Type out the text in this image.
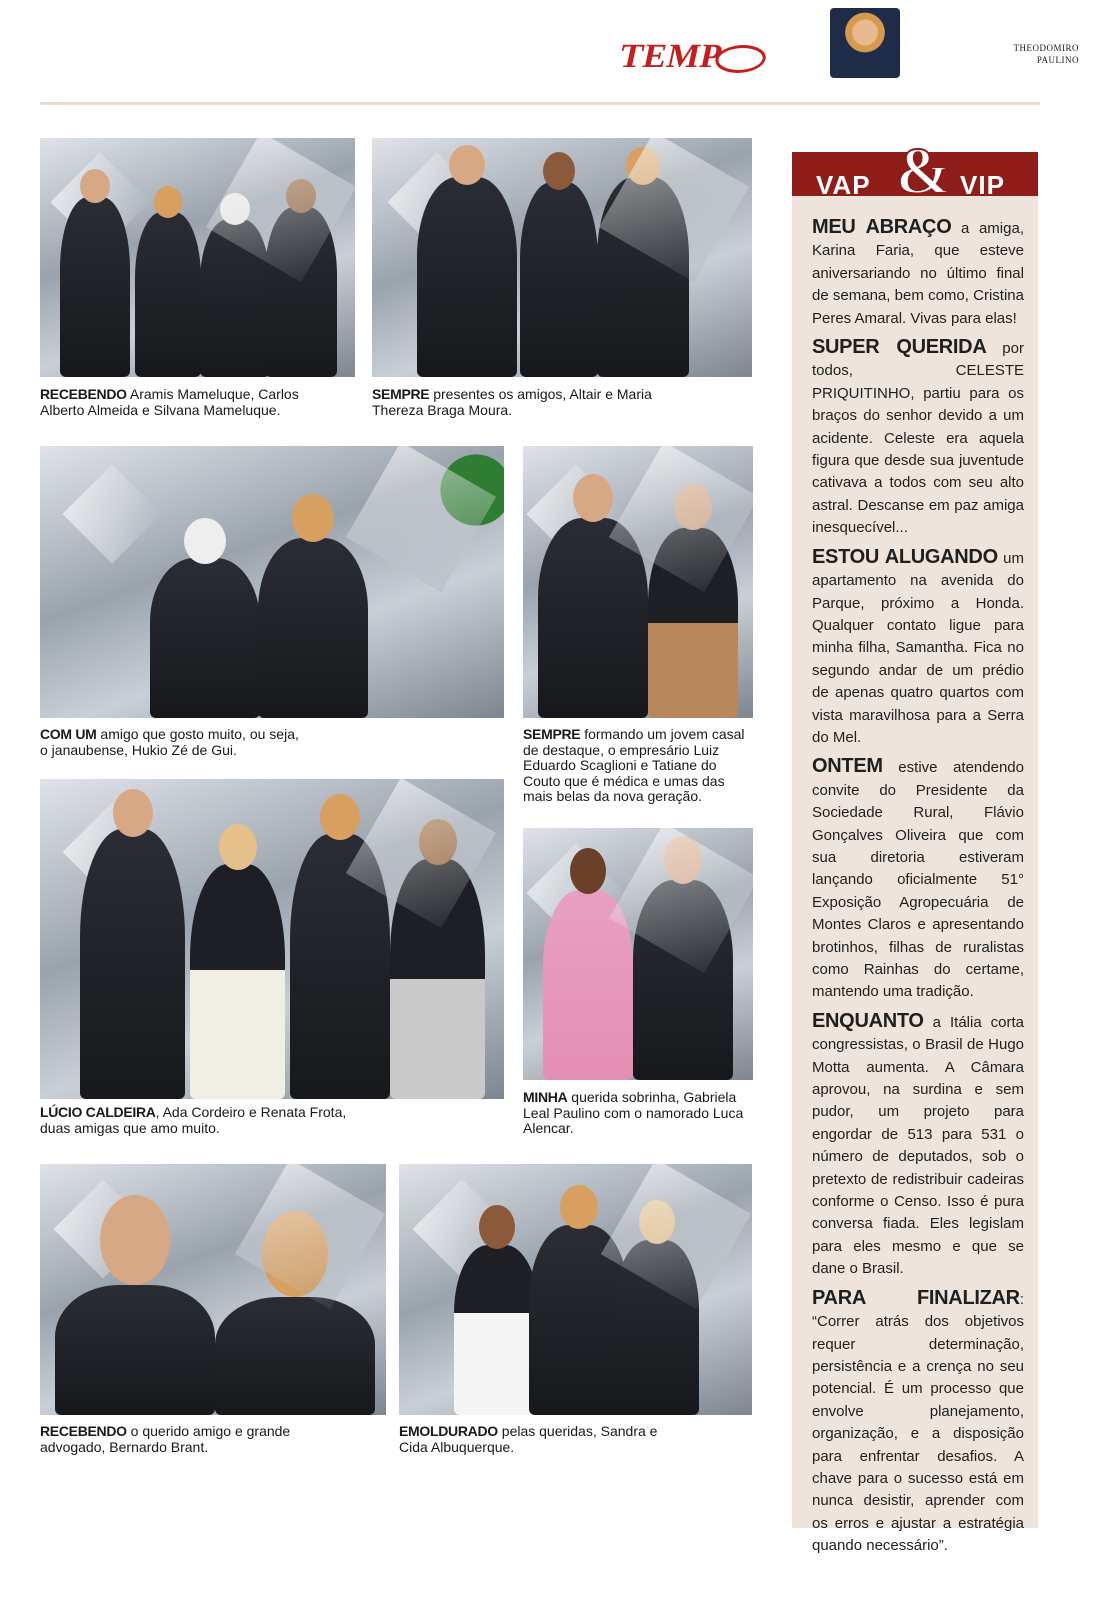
TEMP	THEODOMIRO
PAULINO
RECEBENDO Aramis Mameluque, Carlos Alberto Almeida e Silvana Mameluque.
SEMPRE presentes os amigos, Altair e Maria Thereza Braga Moura.
COM UM amigo que gosto muito, ou seja, o janaubense, Hukio Zé de Gui.
SEMPRE formando um jovem casal de destaque, o empresário Luiz Eduardo Scaglioni e Tatiane do Couto que é médica e umas das mais belas da nova geração.
LÚCIO CALDEIRA, Ada Cordeiro e Renata Frota, duas amigas que amo muito.
MINHA querida sobrinha, Gabriela Leal Paulino com o namorado Luca Alencar.
RECEBENDO o querido amigo e grande advogado, Bernardo Brant.
EMOLDURADO pelas queridas, Sandra e Cida Albuquerque.
VAP & VIP

MEU ABRAÇO a amiga, Karina Faria, que esteve aniversariando no último final de semana, bem como, Cristina Peres Amaral. Vivas para elas!

SUPER QUERIDA por todos, CELESTE PRIQUITINHO, partiu para os braços do senhor devido a um acidente. Celeste era aquela figura que desde sua juventude cativava a todos com seu alto astral. Descanse em paz amiga inesquecível...

ESTOU ALUGANDO um apartamento na avenida do Parque, próximo a Honda. Qualquer contato ligue para minha filha, Samantha. Fica no segundo andar de um prédio de apenas quatro quartos com vista maravilhosa para a Serra do Mel.

ONTEM estive atendendo convite do Presidente da Sociedade Rural, Flávio Gonçalves Oliveira que com sua diretoria estiveram lançando oficialmente 51° Exposição Agropecuária de Montes Claros e apresentando brotinhos, filhas de ruralistas como Rainhas do certame, mantendo uma tradição.

ENQUANTO a Itália corta congressistas, o Brasil de Hugo Motta aumenta. A Câmara aprovou, na surdina e sem pudor, um projeto para engordar de 513 para 531 o número de deputados, sob o pretexto de redistribuir cadeiras conforme o Censo. Isso é pura conversa fiada. Eles legislam para eles mesmo e que se dane o Brasil.

PARA FINALIZAR: “Correr atrás dos objetivos requer determinação, persistência e a crença no seu potencial. É um processo que envolve planejamento, organização, e a disposição para enfrentar desafios. A chave para o sucesso está em nunca desistir, aprender com os erros e ajustar a estratégia quando necessário”.
